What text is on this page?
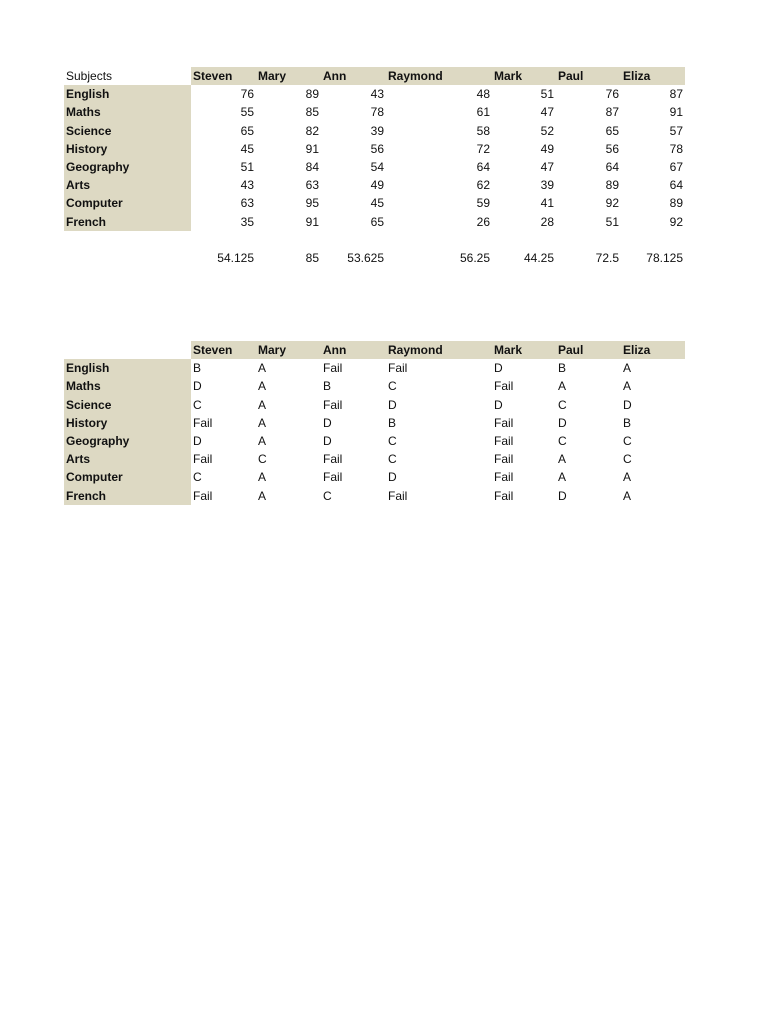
Subjects	Steven	Mary	Ann	Raymond	Mark	Paul	Eliza
English	76	89	43	48	51	76	87
Maths	55	85	78	61	47	87	91
Science	65	82	39	58	52	65	57
History	45	91	56	72	49	56	78
Geography	51	84	54	64	47	64	67
Arts	43	63	49	62	39	89	64
Computer	63	95	45	59	41	92	89
French	35	91	65	26	28	51	92

	54.125	85	53.625	56.25	44.25	72.5	78.125
	Steven	Mary	Ann	Raymond	Mark	Paul	Eliza
English	B	A	Fail	Fail	D	B	A
Maths	D	A	B	C	Fail	A	A
Science	C	A	Fail	D	D	C	D
History	Fail	A	D	B	Fail	D	B
Geography	D	A	D	C	Fail	C	C
Arts	Fail	C	Fail	C	Fail	A	C
Computer	C	A	Fail	D	Fail	A	A
French	Fail	A	C	Fail	Fail	D	A
